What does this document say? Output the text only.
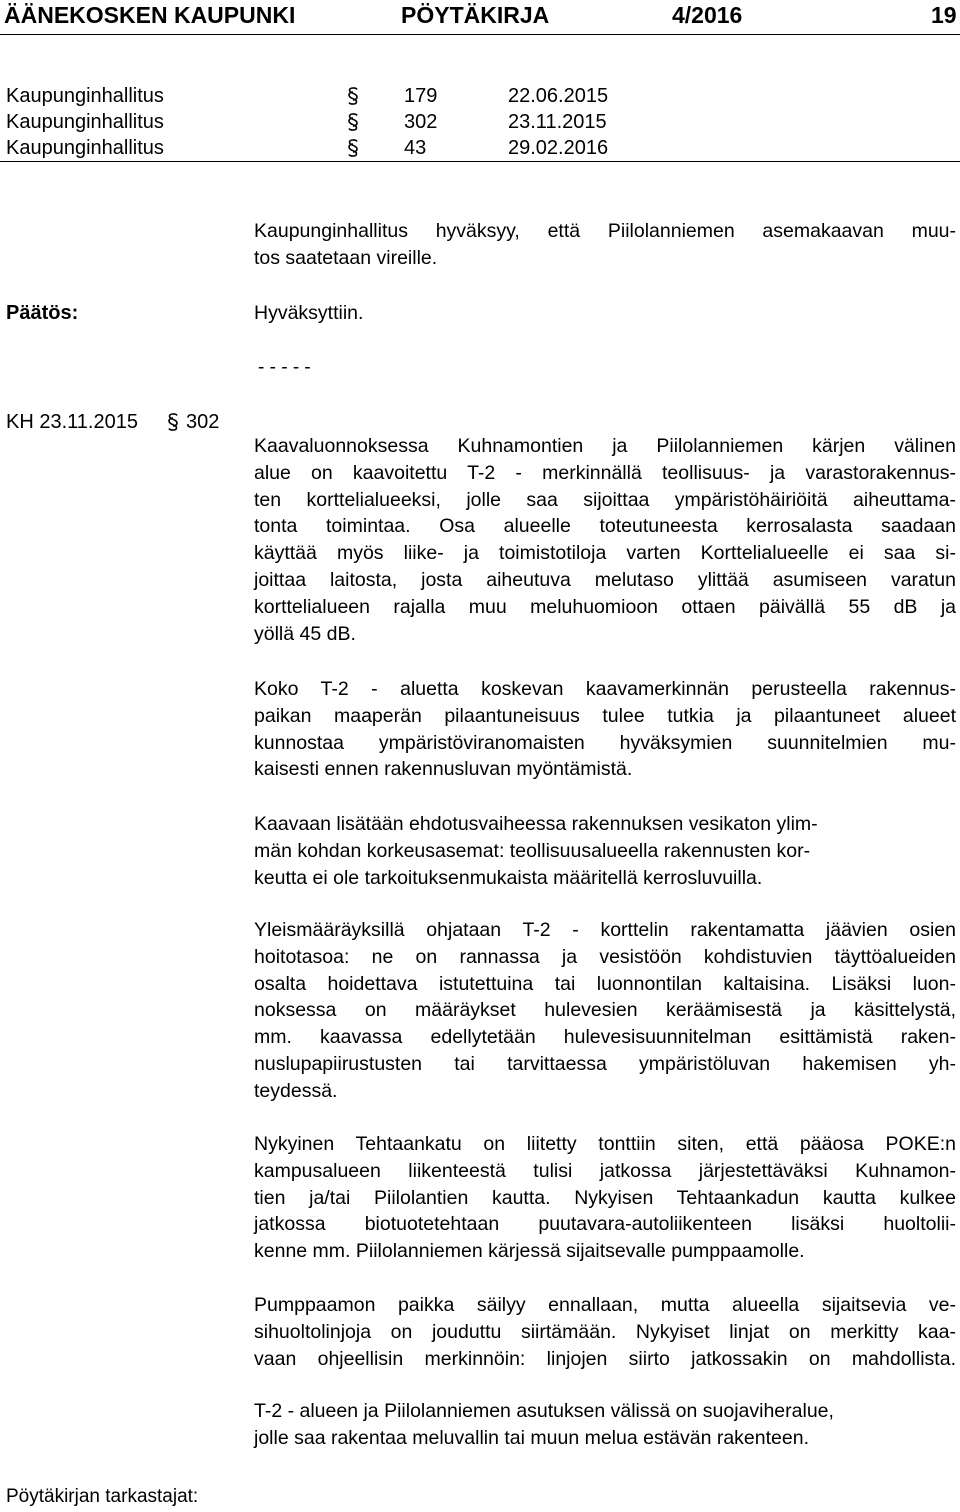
ÄÄNEKOSKEN KAUPUNKI	PÖYTÄKIRJA	4/2016	19
Kaupunginhallitus	179	22.06.2015
Kaupunginhallitus	302	23.11.2015
Kaupunginhallitus	43	29.02.2016
Kaupunginhallitus hyväksyy, että Piilolanniemen asemakaavan muu-
tos saatetaan vireille.
Päätös:	Hyväksyttiin.
- - - - -
KH 23.11.2015 302
Kaavaluonnoksessa Kuhnamontien ja Piilolanniemen kärjen välinen
alue on kaavoitettu T-2 - merkinnällä teollisuus- ja varastorakennus-
ten korttelialueeksi, jolle saa sijoittaa ympäristöhäiriöitä aiheuttama-
tonta toimintaa. Osa alueelle toteutuneesta kerrosalasta saadaan
käyttää myös liike- ja toimistotiloja varten Korttelialueelle ei saa si-
joittaa laitosta, josta aiheutuva melutaso ylittää asumiseen varatun
korttelialueen rajalla muu meluhuomioon ottaen päivällä 55 dB ja
yöllä 45 dB.
Koko T-2 - aluetta koskevan kaavamerkinnän perusteella rakennus-
paikan maaperän pilaantuneisuus tulee tutkia ja pilaantuneet alueet
kunnostaa ympäristöviranomaisten hyväksymien suunnitelmien mu-
kaisesti ennen rakennusluvan myöntämistä.
Kaavaan lisätään ehdotusvaiheessa rakennuksen vesikaton ylim-
män kohdan korkeusasemat: teollisuusalueella rakennusten kor-
keutta ei ole tarkoituksenmukaista määritellä kerrosluvuilla.
Yleismääräyksillä ohjataan T-2 - korttelin rakentamatta jäävien osien
hoitotasoa: ne on rannassa ja vesistöön kohdistuvien täyttöalueiden
osalta hoidettava istutettuina tai luonnontilan kaltaisina. Lisäksi luon-
noksessa on määräykset hulevesien keräämisestä ja käsittelystä,
mm. kaavassa edellytetään hulevesisuunnitelman esittämistä raken-
nuslupapiirustusten tai tarvittaessa ympäristöluvan hakemisen yh-
teydessä.
Nykyinen Tehtaankatu on liitetty tonttiin siten, että pääosa POKE:n
kampusalueen liikenteestä tulisi jatkossa järjestettäväksi Kuhnamon-
tien ja/tai Piilolantien kautta. Nykyisen Tehtaankadun kautta kulkee
jatkossa biotuotetehtaan puutavara-autoliikenteen lisäksi huoltolii-
kenne mm. Piilolanniemen kärjessä sijaitsevalle pumppaamolle.
Pumppaamon paikka säilyy ennallaan, mutta alueella sijaitsevia ve-
sihuoltolinjoja on jouduttu siirtämään. Nykyiset linjat on merkitty kaa-
vaan ohjeellisin merkinnöin: linjojen siirto jatkossakin on mahdollista.
T-2 - alueen ja Piilolanniemen asutuksen välissä on suojaviheralue,
jolle saa rakentaa meluvallin tai muun melua estävän rakenteen.
Pöytäkirjan tarkastajat:
